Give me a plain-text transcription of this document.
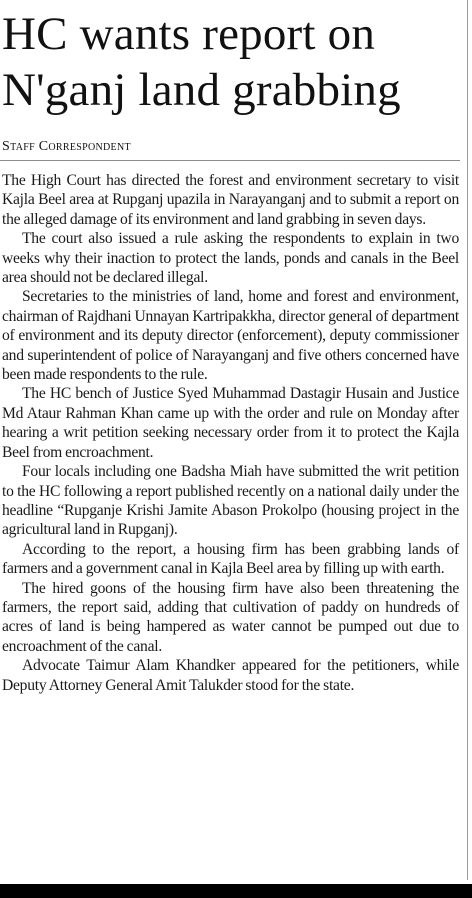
HC wants report on N'ganj land grabbing
Staff Correspondent

The High Court has directed the forest and environment secretary to visit Kajla Beel area at Rupganj upazila in Narayanganj and to submit a report on the alleged damage of its environment and land grabbing in seven days.

The court also issued a rule asking the respondents to explain in two weeks why their inaction to protect the lands, ponds and canals in the Beel area should not be declared illegal.

Secretaries to the ministries of land, home and forest and environment, chairman of Rajdhani Unnayan Kartripakkha, director general of department of environment and its deputy director (enforcement), deputy commissioner and superintendent of police of Narayanganj and five others concerned have been made respondents to the rule.

The HC bench of Justice Syed Muhammad Dastagir Husain and Justice Md Ataur Rahman Khan came up with the order and rule on Monday after hearing a writ petition seeking necessary order from it to protect the Kajla Beel from encroachment.

Four locals including one Badsha Miah have submitted the writ petition to the HC following a report published recently on a national daily under the headline “Rupganje Krishi Jamite Abason Prokolpo (housing project in the agricultural land in Rupganj).

According to the report, a housing firm has been grabbing lands of farmers and a government canal in Kajla Beel area by filling up with earth.

The hired goons of the housing firm have also been threatening the farmers, the report said, adding that cultivation of paddy on hundreds of acres of land is being hampered as water cannot be pumped out due to encroachment of the canal.

Advocate Taimur Alam Khandker appeared for the petitioners, while Deputy Attorney General Amit Talukder stood for the state.
